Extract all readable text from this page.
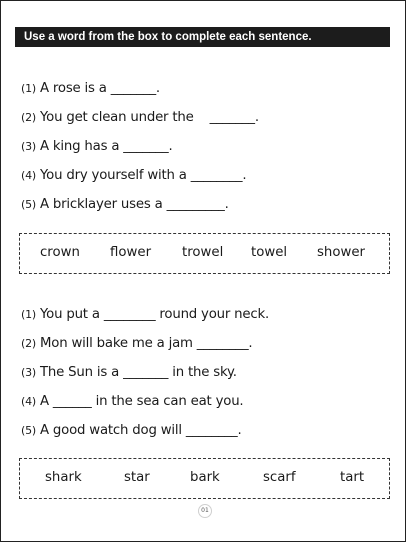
Use a word from the box to complete each sentence.
(1) A rose is a _______.
(2) You get clean under the    _______.
(3) A king has a _______.
(4) You dry yourself with a ________.
(5) A bricklayer uses a _________.
crown flower trowel towel shower
(1) You put a ________ round your neck.
(2) Mon will bake me a jam ________.
(3) The Sun is a _______ in the sky.
(4) A ______ in the sea can eat you.
(5) A good watch dog will ________.
shark	star	bark	scarf	tart
01
